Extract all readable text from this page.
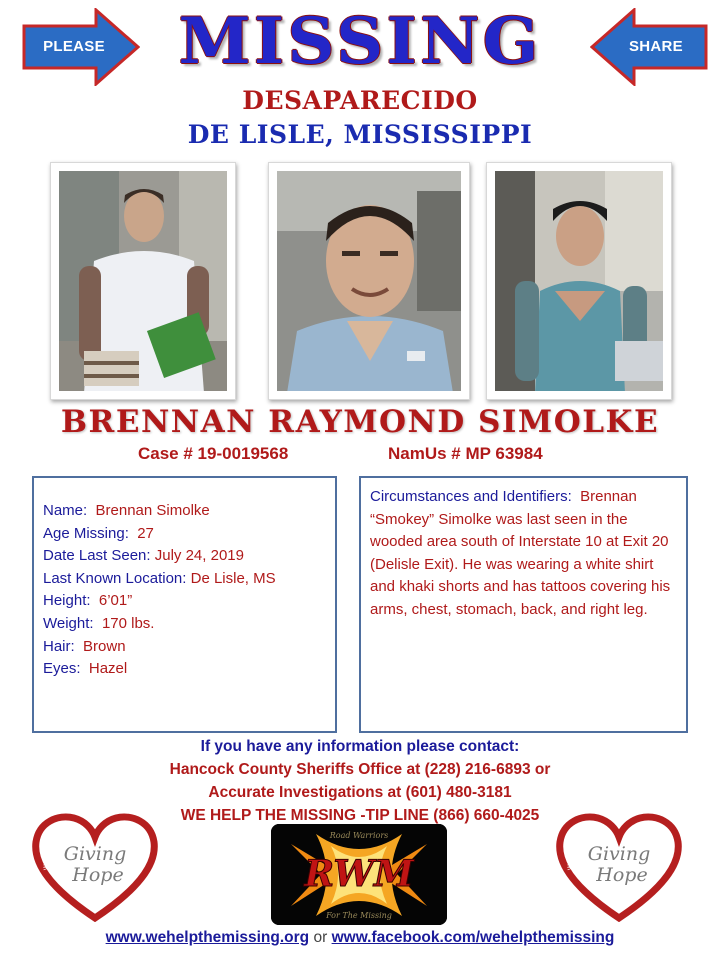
PLEASE	SHARE
MISSING
DESAPARECIDO
DE LISLE, MISSISSIPPI
BRENNAN RAYMOND SIMOLKE
Case # 19-0019568	NamUs # MP 63984
Name: Brennan Simolke
Age Missing: 27
Date Last Seen: July 24, 2019
Last Known Location: De Lisle, MS
Height: 6’01”
Weight: 170 lbs.
Hair: Brown
Eyes: Hazel
Circumstances and Identifiers: Brennan “Smokey” Simolke was last seen in the wooded area south of Interstate 10 at Exit 20 (Delisle Exit). He was wearing a white shirt and khaki shorts and has tattoos covering his arms, chest, stomach, back, and right leg.
If you have any information please contact:
Hancock County Sheriffs Office at (228) 216-6893 or
Accurate Investigations at (601) 480-3181
WE HELP THE MISSING -TIP LINE (866) 660-4025
Giving
Hope
We Help The Missin
Giving
Hope
We Help The Missin
Road Warriors
RWM
For The Missing
www.wehelpthemissing.org or www.facebook.com/wehelpthemissing
